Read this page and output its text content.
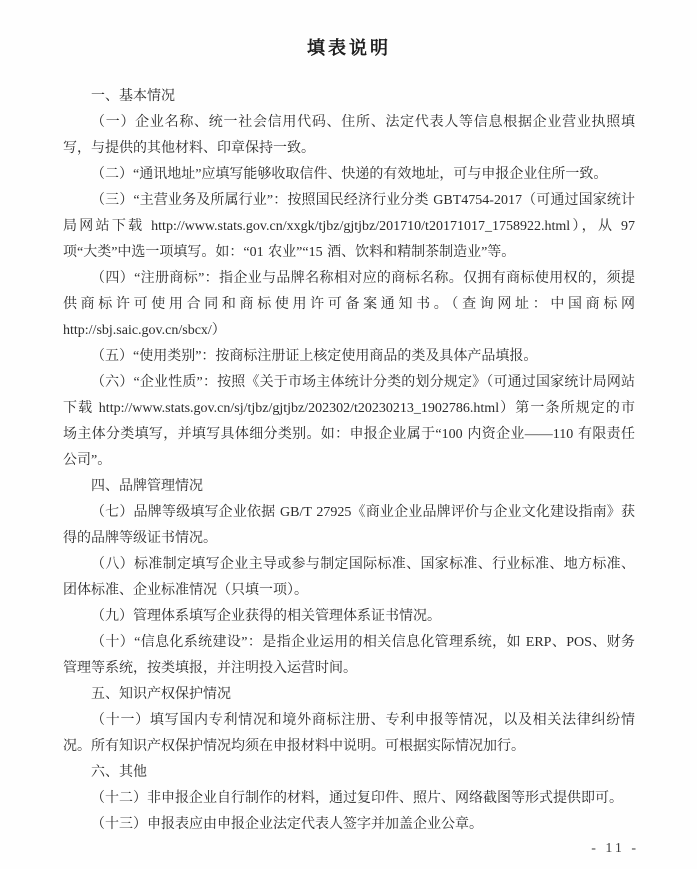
填表说明

一、基本情况

（一）企业名称、统一社会信用代码、住所、法定代表人等信息根据企业营业执照填写，与提供的其他材料、印章保持一致。

（二）“通讯地址”应填写能够收取信件、快递的有效地址，可与申报企业住所一致。

（三）“主营业务及所属行业”：按照国民经济行业分类 GBT4754-2017（可通过国家统计局网站下载 http://www.stats.gov.cn/xxgk/tjbz/gjtjbz/201710/t20171017_1758922.html），从 97 项“大类”中选一项填写。如：“01 农业”“15 酒、饮料和精制茶制造业”等。

（四）“注册商标”：指企业与品牌名称相对应的商标名称。仅拥有商标使用权的，须提供商标许可使用合同和商标使用许可备案通知书。（查询网址：中国商标网 http://sbj.saic.gov.cn/sbcx/）

（五）“使用类别”：按商标注册证上核定使用商品的类及具体产品填报。

（六）“企业性质”：按照《关于市场主体统计分类的划分规定》（可通过国家统计局网站下载 http://www.stats.gov.cn/sj/tjbz/gjtjbz/202302/t20230213_1902786.html）第一条所规定的市场主体分类填写，并填写具体细分类别。如：申报企业属于“100 内资企业——110 有限责任公司”。

四、品牌管理情况

（七）品牌等级填写企业依据 GB/T 27925《商业企业品牌评价与企业文化建设指南》获得的品牌等级证书情况。

（八）标准制定填写企业主导或参与制定国际标准、国家标准、行业标准、地方标准、团体标准、企业标准情况（只填一项）。

（九）管理体系填写企业获得的相关管理体系证书情况。

（十）“信息化系统建设”：是指企业运用的相关信息化管理系统，如 ERP、POS、财务管理等系统，按类填报，并注明投入运营时间。

五、知识产权保护情况

（十一）填写国内专利情况和境外商标注册、专利申报等情况，以及相关法律纠纷情况。所有知识产权保护情况均须在申报材料中说明。可根据实际情况加行。

六、其他

（十二）非申报企业自行制作的材料，通过复印件、照片、网络截图等形式提供即可。

（十三）申报表应由申报企业法定代表人签字并加盖企业公章。

- 11 -
